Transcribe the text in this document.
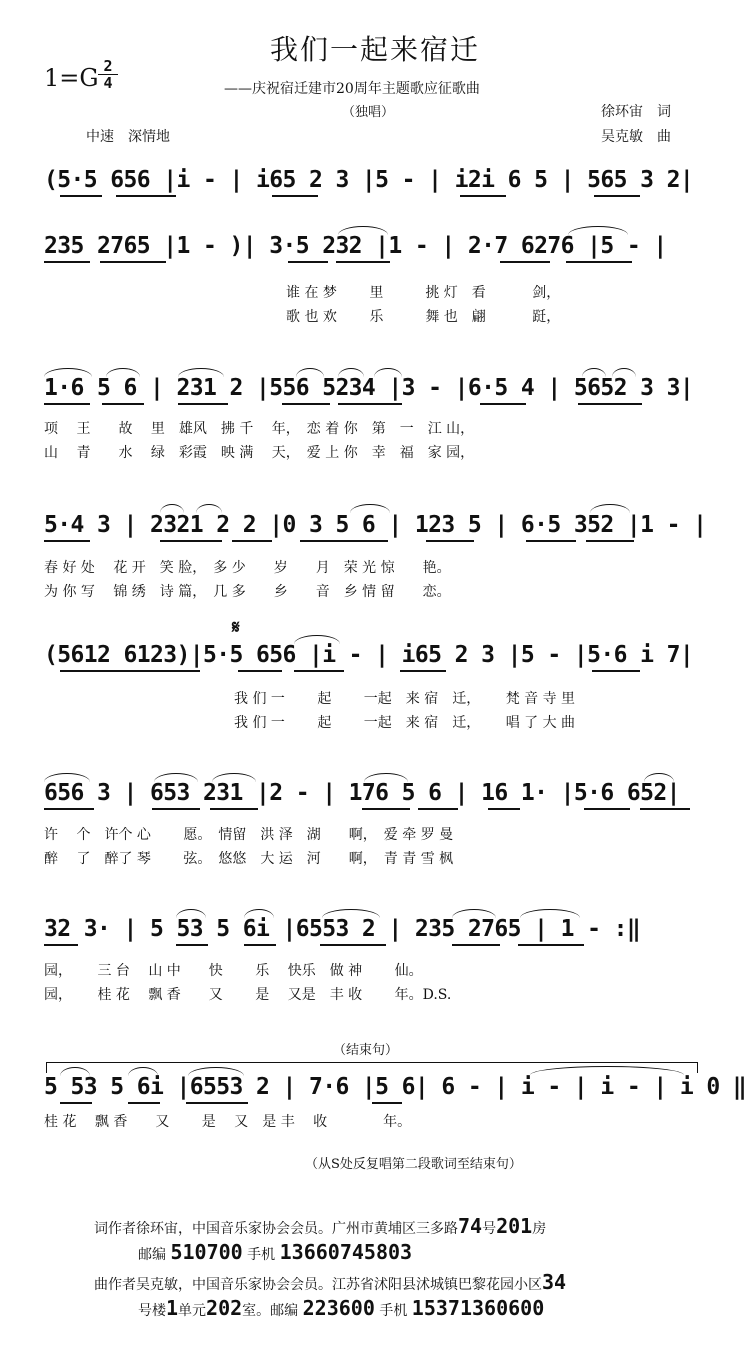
我们一起来宿迁
1=G 2
4	——庆祝宿迁建市20周年主题歌应征歌曲
（独唱）	徐环宙　词
中速　深情地	吴克敏　曲
(5·5 656 |i - | i65 2 3 |5 - | i2i 6 5 | 565 3 2|
235 2765 |1 - )| 3·5 232 |1 - | 2·7 6276 |5 - |
谁 在 梦　　 里　　　挑 灯　看　　　 剑，
歌 也 欢　　 乐　　　舞 也　翩　　　 跹，
1·6 5 6 | 231 2 |556 5234 |3 - |6·5 4 | 5652 3 3|
项　 王　　故　 里　雄风　拂 千　 年，　恋 着 你　第　一　江 山，
山　 青　　水　 绿　彩霞　映 满　 天，　爱 上 你　幸　福　家 园，
5·4 3 | 2321 2 2 |0 3 5 6 | 123 5 | 6·5 352 |1 - |
春 好 处　 花 开　笑 脸，　多 少　　岁　　月　荣 光 惊　　艳。
为 你 写　 锦 绣　诗 篇，　几 多　　乡　　音　乡 情 留　　恋。
𝄋
(5612 6123)|5·5 656 |i - | i65 2 3 |5 - |5·6 i 7|
我 们 一　　 起　　 一起　来 宿　迁，　　 梵 音 寺 里
我 们 一　　 起　　 一起　来 宿　迁，　　 唱 了 大 曲
656 3 | 653 231 |2 - | 176 5 6 | 16 1· |5·6 652|
许　 个　许个 心　　 愿。　情留　洪 泽　湖　　啊，　爱 牵 罗 曼
醉　 了　醉了 琴　　 弦。　悠悠　大 运　河　　啊，　青 青 雪 枫
32 3· | 5 53 5 6i |6553 2 | 235 2765 | 1 - :‖
园，　　 三 台　 山 中　　快　　 乐　 快乐　做 神　　 仙。
园，　　 桂 花　 飘 香　　又　　 是　 又是　丰 收　　 年。D.S.
（结束句）
5 53 5 6i |6553 2 | 7·6 |5 6| 6 - | i - | i - | i 0 ‖
桂 花　 飘 香　　又　　 是　 又　是 丰　 收　　　　年。
（从S处反复唱第二段歌词至结束句）
词作者徐环宙，中国音乐家协会会员。广州市黄埔区三多路74号201房
邮编 510700 手机 13660745803
曲作者吴克敏，中国音乐家协会会员。江苏省沭阳县沭城镇巴黎花园小区34
号楼1单元202室。邮编 223600 手机 15371360600
